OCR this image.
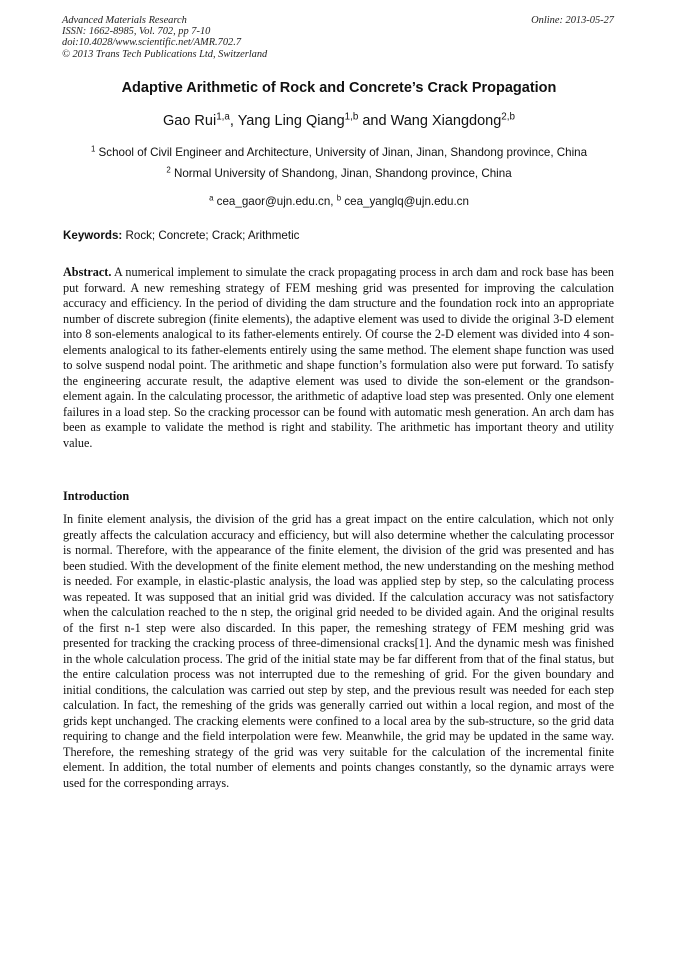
Advanced Materials Research
ISSN: 1662-8985, Vol. 702, pp 7-10
doi:10.4028/www.scientific.net/AMR.702.7
© 2013 Trans Tech Publications Ltd, Switzerland
Online: 2013-05-27
Adaptive Arithmetic of Rock and Concrete’s Crack Propagation
Gao Rui$^{1,a}$, Yang Ling Qiang$^{1,b}$ and Wang Xiangdong$^{2,b}$
$^1$ School of Civil Engineer and Architecture, University of Jinan, Jinan, Shandong province, China
$^2$ Normal University of Shandong, Jinan, Shandong province, China
$^a$ cea_gaor@ujn.edu.cn, $^b$ cea_yanglq@ujn.edu.cn
Keywords: Rock; Concrete; Crack; Arithmetic
Abstract. A numerical implement to simulate the crack propagating process in arch dam and rock base has been put forward. A new remeshing strategy of FEM meshing grid was presented for improving the calculation accuracy and efficiency. In the period of dividing the dam structure and the foundation rock into an appropriate number of discrete subregion (finite elements), the adaptive element was used to divide the original 3-D element into 8 son-elements analogical to its father-elements entirely. Of course the 2-D element was divided into 4 son-elements analogical to its father-elements entirely using the same method. The element shape function was used to solve suspend nodal point. The arithmetic and shape function’s formulation also were put forward. To satisfy the engineering accurate result, the adaptive element was used to divide the son-element or the grandson-element again. In the calculating processor, the arithmetic of adaptive load step was presented. Only one element failures in a load step. So the cracking processor can be found with automatic mesh generation. An arch dam has been as example to validate the method is right and stability. The arithmetic has important theory and utility value.
Introduction
In finite element analysis, the division of the grid has a great impact on the entire calculation, which not only greatly affects the calculation accuracy and efficiency, but will also determine whether the calculating processor is normal. Therefore, with the appearance of the finite element, the division of the grid was presented and has been studied. With the development of the finite element method, the new understanding on the meshing method is needed. For example, in elastic-plastic analysis, the load was applied step by step, so the calculating process was repeated. It was supposed that an initial grid was divided. If the calculation accuracy was not satisfactory when the calculation reached to the n step, the original grid needed to be divided again. And the original results of the first n-1 step were also discarded. In this paper, the remeshing strategy of FEM meshing grid was presented for tracking the cracking process of three-dimensional cracks[1]. And the dynamic mesh was finished in the whole calculation process. The grid of the initial state may be far different from that of the final status, but the entire calculation process was not interrupted due to the remeshing of grid. For the given boundary and initial conditions, the calculation was carried out step by step, and the previous result was needed for each step calculation. In fact, the remeshing of the grids was generally carried out within a local region, and most of the grids kept unchanged. The cracking elements were confined to a local area by the sub-structure, so the grid data requiring to change and the field interpolation were few. Meanwhile, the grid may be updated in the same way. Therefore, the remeshing strategy of the grid was very suitable for the calculation of the incremental finite element. In addition, the total number of elements and points changes constantly, so the dynamic arrays were used for the corresponding arrays.
